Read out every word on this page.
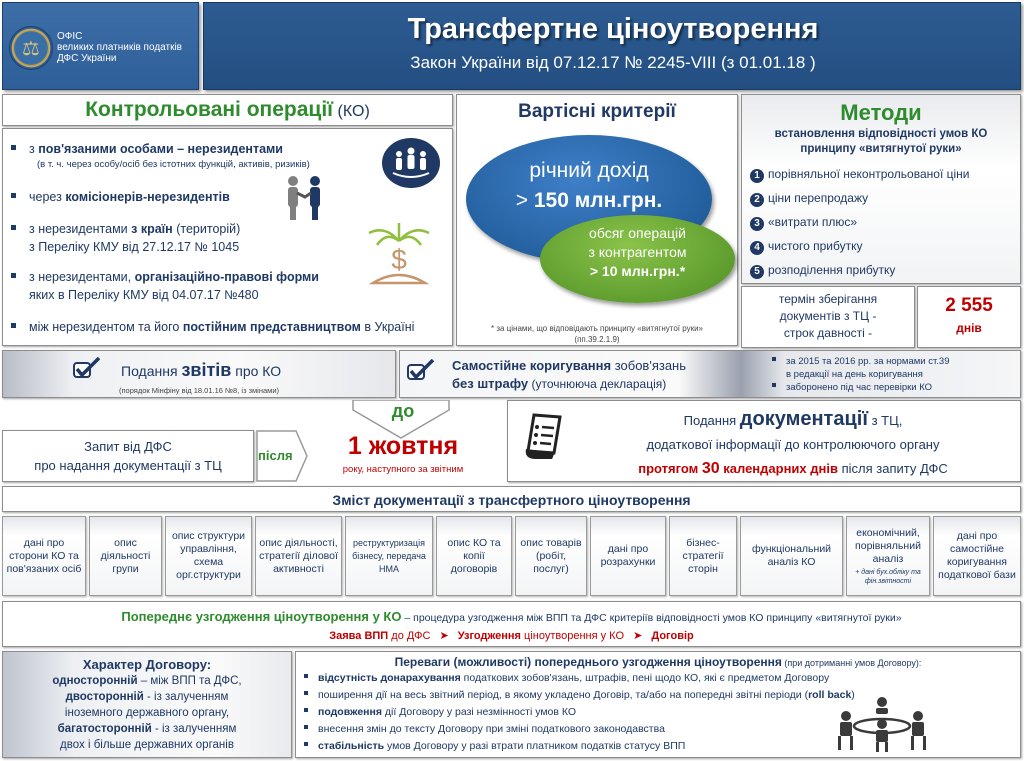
⚖
ОФІС
великих платників податків
ДФС України
Трансфертне ціноутворення
Закон України від 07.12.17 № 2245-VIII (з 01.01.18 )
Контрольовані операції (КО)
з пов'язаними особами – нерезидентами
(в т. ч. через особу/осіб без істотних функцій, активів, ризиків)
через комісіонерів-нерезидентів
з нерезидентами з країн (територій)
з Переліку КМУ від 27.12.17 № 1045
з нерезидентами, організаційно-правові форми
яких в Переліку КМУ від 04.07.17 №480
між нерезидентом та його постійним представництвом в Україні
$
Вартісні критерії
річний дохід
> 150 млн.грн.
обсяг операцій
з контрагентом
> 10 млн.грн.*
* за цінами, що відповідають принципу «витягнутої руки»
(пп.39.2.1.9)
Методи
встановлення відповідності умов КО
принципу «витягнутої руки»
1 порівняльної неконтрольованої ціни
2 ціни перепродажу
3 «витрати плюс»
4 чистого прибутку
5 розподілення прибутку
термін зберігання
документів з ТЦ -
строк давності -
2 555
днів
Подання звітів про КО
(порядок Мінфіну від 18.01.16 №8, із змінами)
Самостійне коригування зобов'язань
без штрафу (уточнююча декларація)
за 2015 та 2016 рр. за нормами ст.39
в редакції на день коригування
заборонено під час перевірки КО
Запит від ДФС
про надання документації з ТЦ
після
до
1 жовтня
року, наступного за звітним
Подання документації з ТЦ,
додаткової інформації до контролюючого органу
протягом 30 календарних днів після запиту ДФС
Зміст документації з трансфертного ціноутворення
дані про сторони КО та пов'язаних осіб
опис діяльності групи
опис структури управління, схема орг.структури
опис діяльності, стратегії ділової активності
реструктуризація бізнесу, передача НМА
опис КО та копії договорів
опис товарів (робіт, послуг)
дані про розрахунки
бізнес-стратегії сторін
функціональний аналіз КО
економічний, порівняльний аналіз
+ дані бух.обліку та фін.звітності
дані про самостійне коригування податкової бази
Попереднє узгодження ціноутворення у КО – процедура узгодження між ВПП та ДФС критеріїв відповідності умов КО принципу «витягнутої руки»
Заява ВПП до ДФС ➤ Узгодження ціноутворення у КО ➤ Договір
Характер Договору:
односторонній – між ВПП та ДФС,
двосторонній - із залученням
іноземного державного органу,
багатосторонній - із залученням
двох і більше державних органів
Переваги (можливості) попереднього узгодження ціноутворення (при дотриманні умов Договору):
відсутність донарахування податкових зобов'язань, штрафів, пені щодо КО, які є предметом Договору
поширення дії на весь звітний період, в якому укладено Договір, та/або на попередні звітні періоди (roll back)
подовження дії Договору у разі незмінності умов КО
внесення змін до тексту Договору при зміні податкового законодавства
стабільність умов Договору у разі втрати платником податків статусу ВПП
